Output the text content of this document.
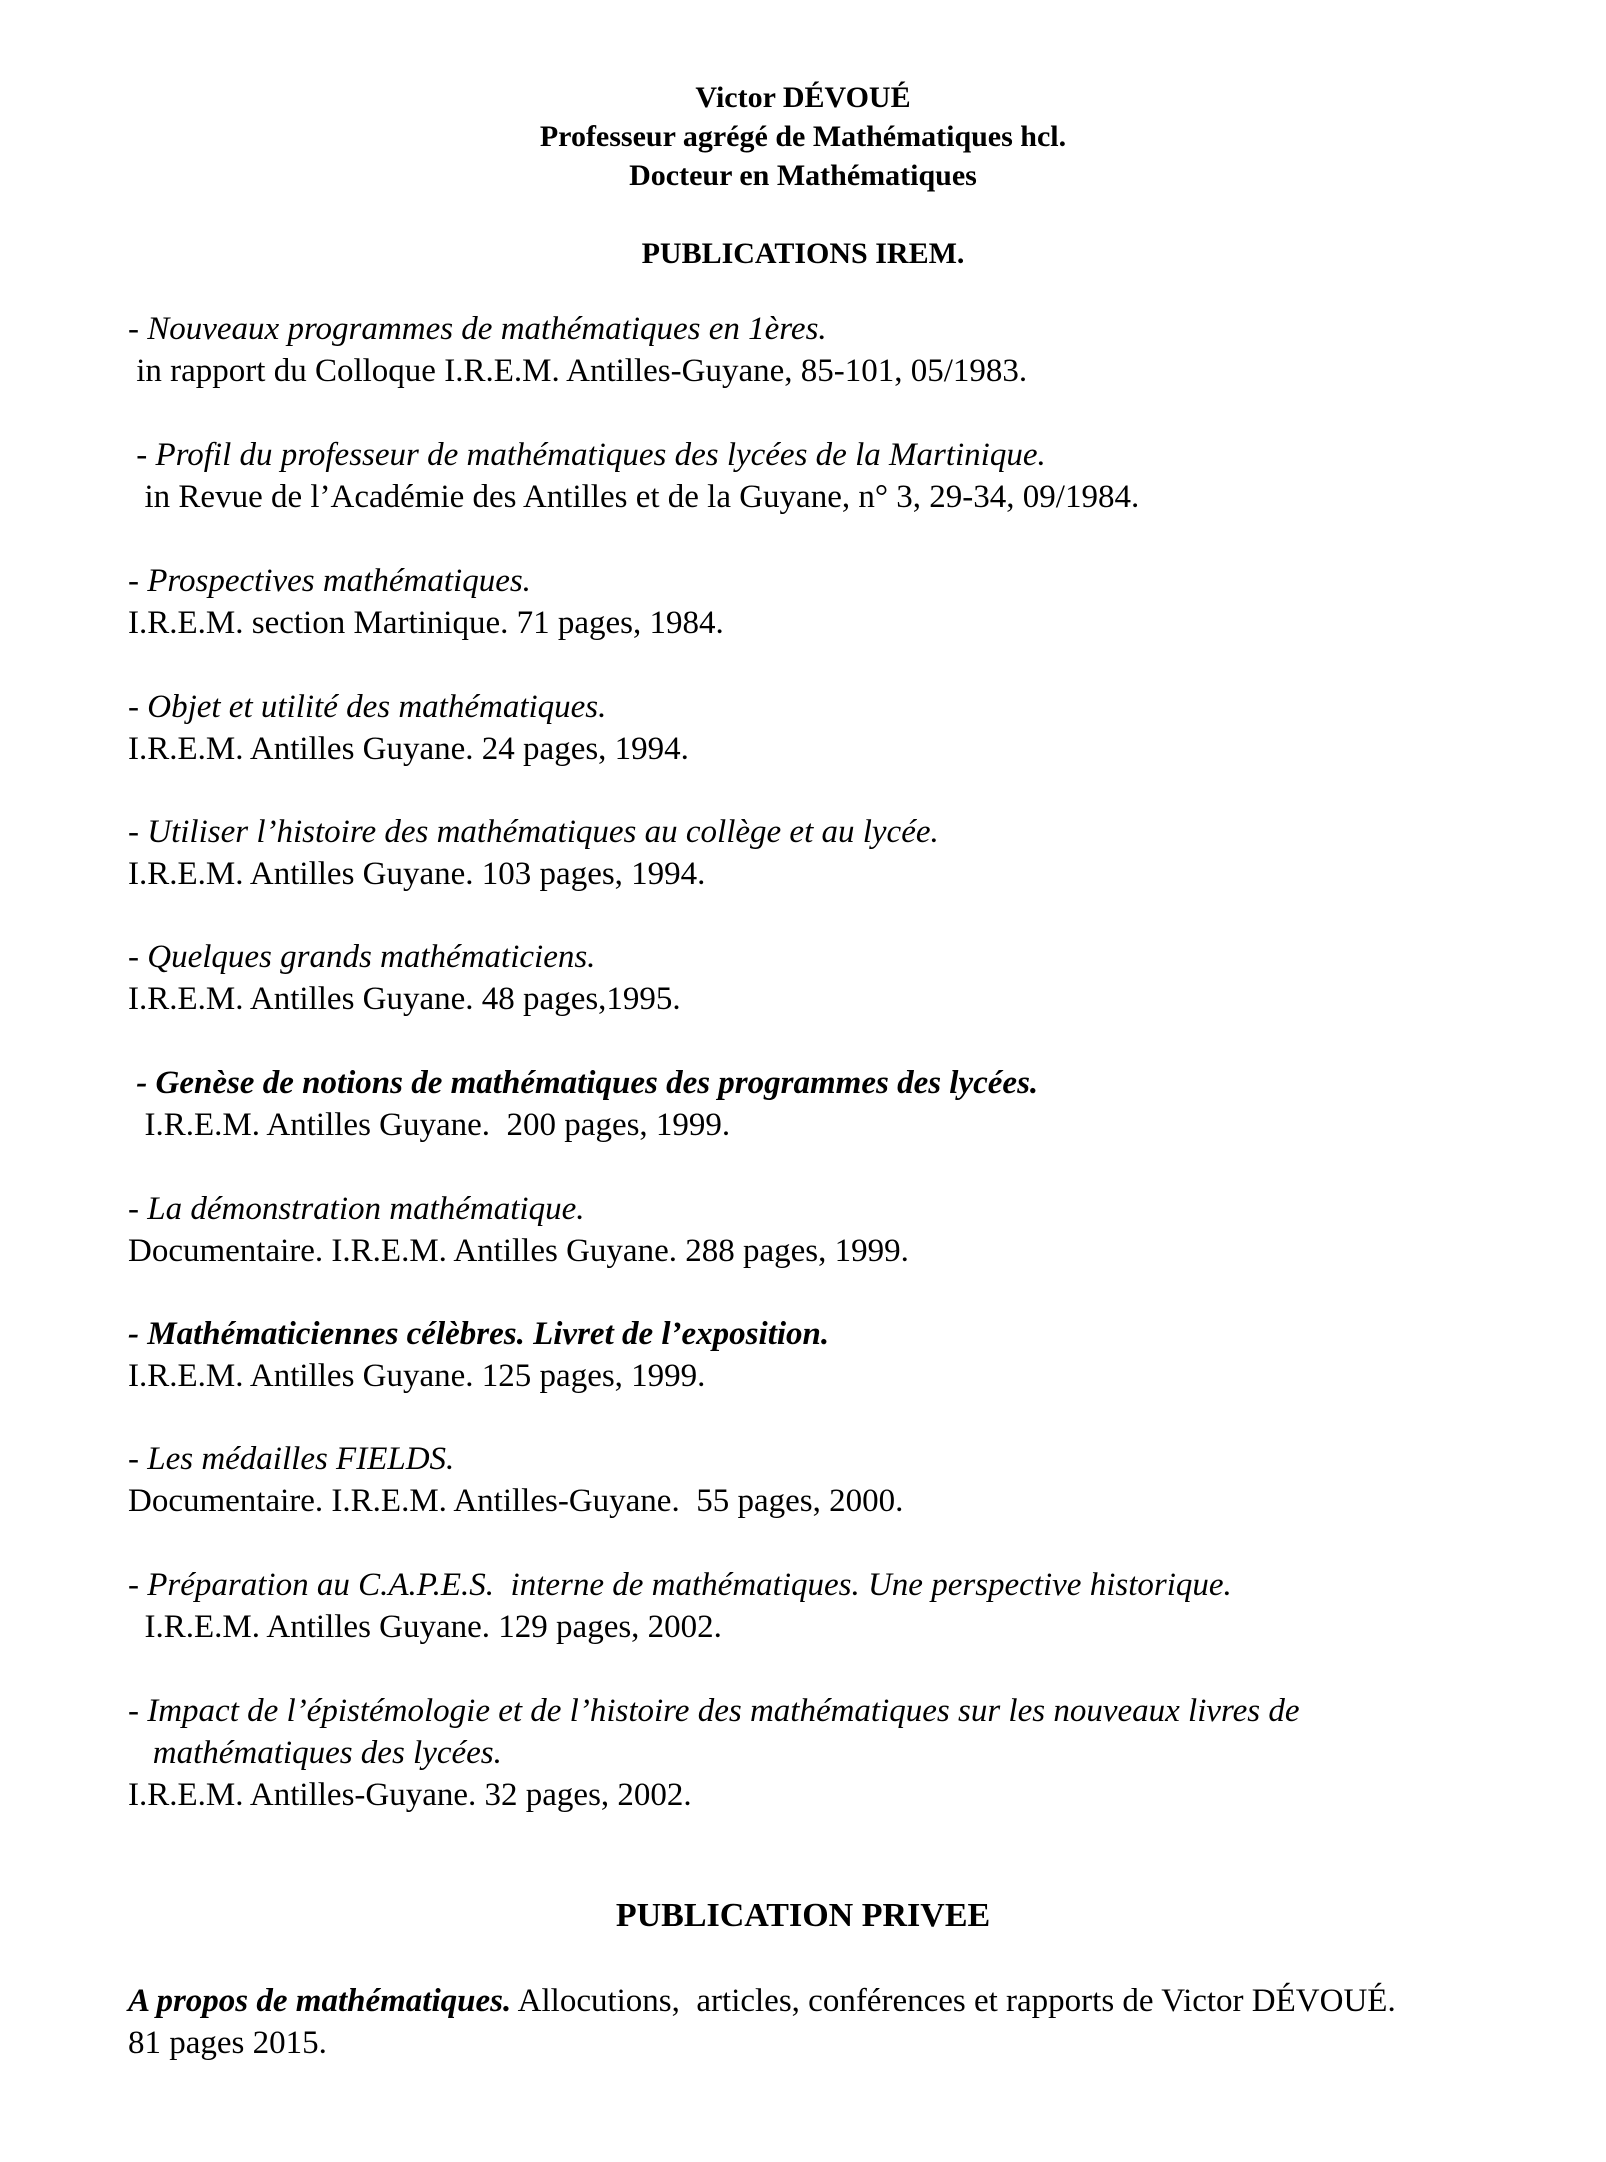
Victor DÉVOUÉ

Professeur agrégé de Mathématiques hcl.

Docteur en Mathématiques

PUBLICATIONS IREM.

- Nouveaux programmes de mathématiques en 1ères.

in rapport du Colloque I.R.E.M. Antilles-Guyane, 85-101, 05/1983.

- Profil du professeur de mathématiques des lycées de la Martinique.

in Revue de l’Académie des Antilles et de la Guyane, n° 3, 29-34, 09/1984.

- Prospectives mathématiques.

I.R.E.M. section Martinique. 71 pages, 1984.

- Objet et utilité des mathématiques.

I.R.E.M. Antilles Guyane. 24 pages, 1994.

- Utiliser l’histoire des mathématiques au collège et au lycée.

I.R.E.M. Antilles Guyane. 103 pages, 1994.

- Quelques grands mathématiciens.

I.R.E.M. Antilles Guyane. 48 pages,1995.

- Genèse de notions de mathématiques des programmes des lycées.

I.R.E.M. Antilles Guyane.  200 pages, 1999.

- La démonstration mathématique.

Documentaire. I.R.E.M. Antilles Guyane. 288 pages, 1999.

- Mathématiciennes célèbres. Livret de l’exposition.

I.R.E.M. Antilles Guyane. 125 pages, 1999.

- Les médailles FIELDS.

Documentaire. I.R.E.M. Antilles-Guyane.  55 pages, 2000.

- Préparation au C.A.P.E.S.  interne de mathématiques. Une perspective historique.

I.R.E.M. Antilles Guyane. 129 pages, 2002.

- Impact de l’épistémologie et de l’histoire des mathématiques sur les nouveaux livres de

mathématiques des lycées.

I.R.E.M. Antilles-Guyane. 32 pages, 2002.

PUBLICATION PRIVEE

A propos de mathématiques. Allocutions,  articles, conférences et rapports de Victor DÉVOUÉ.

81 pages 2015.
